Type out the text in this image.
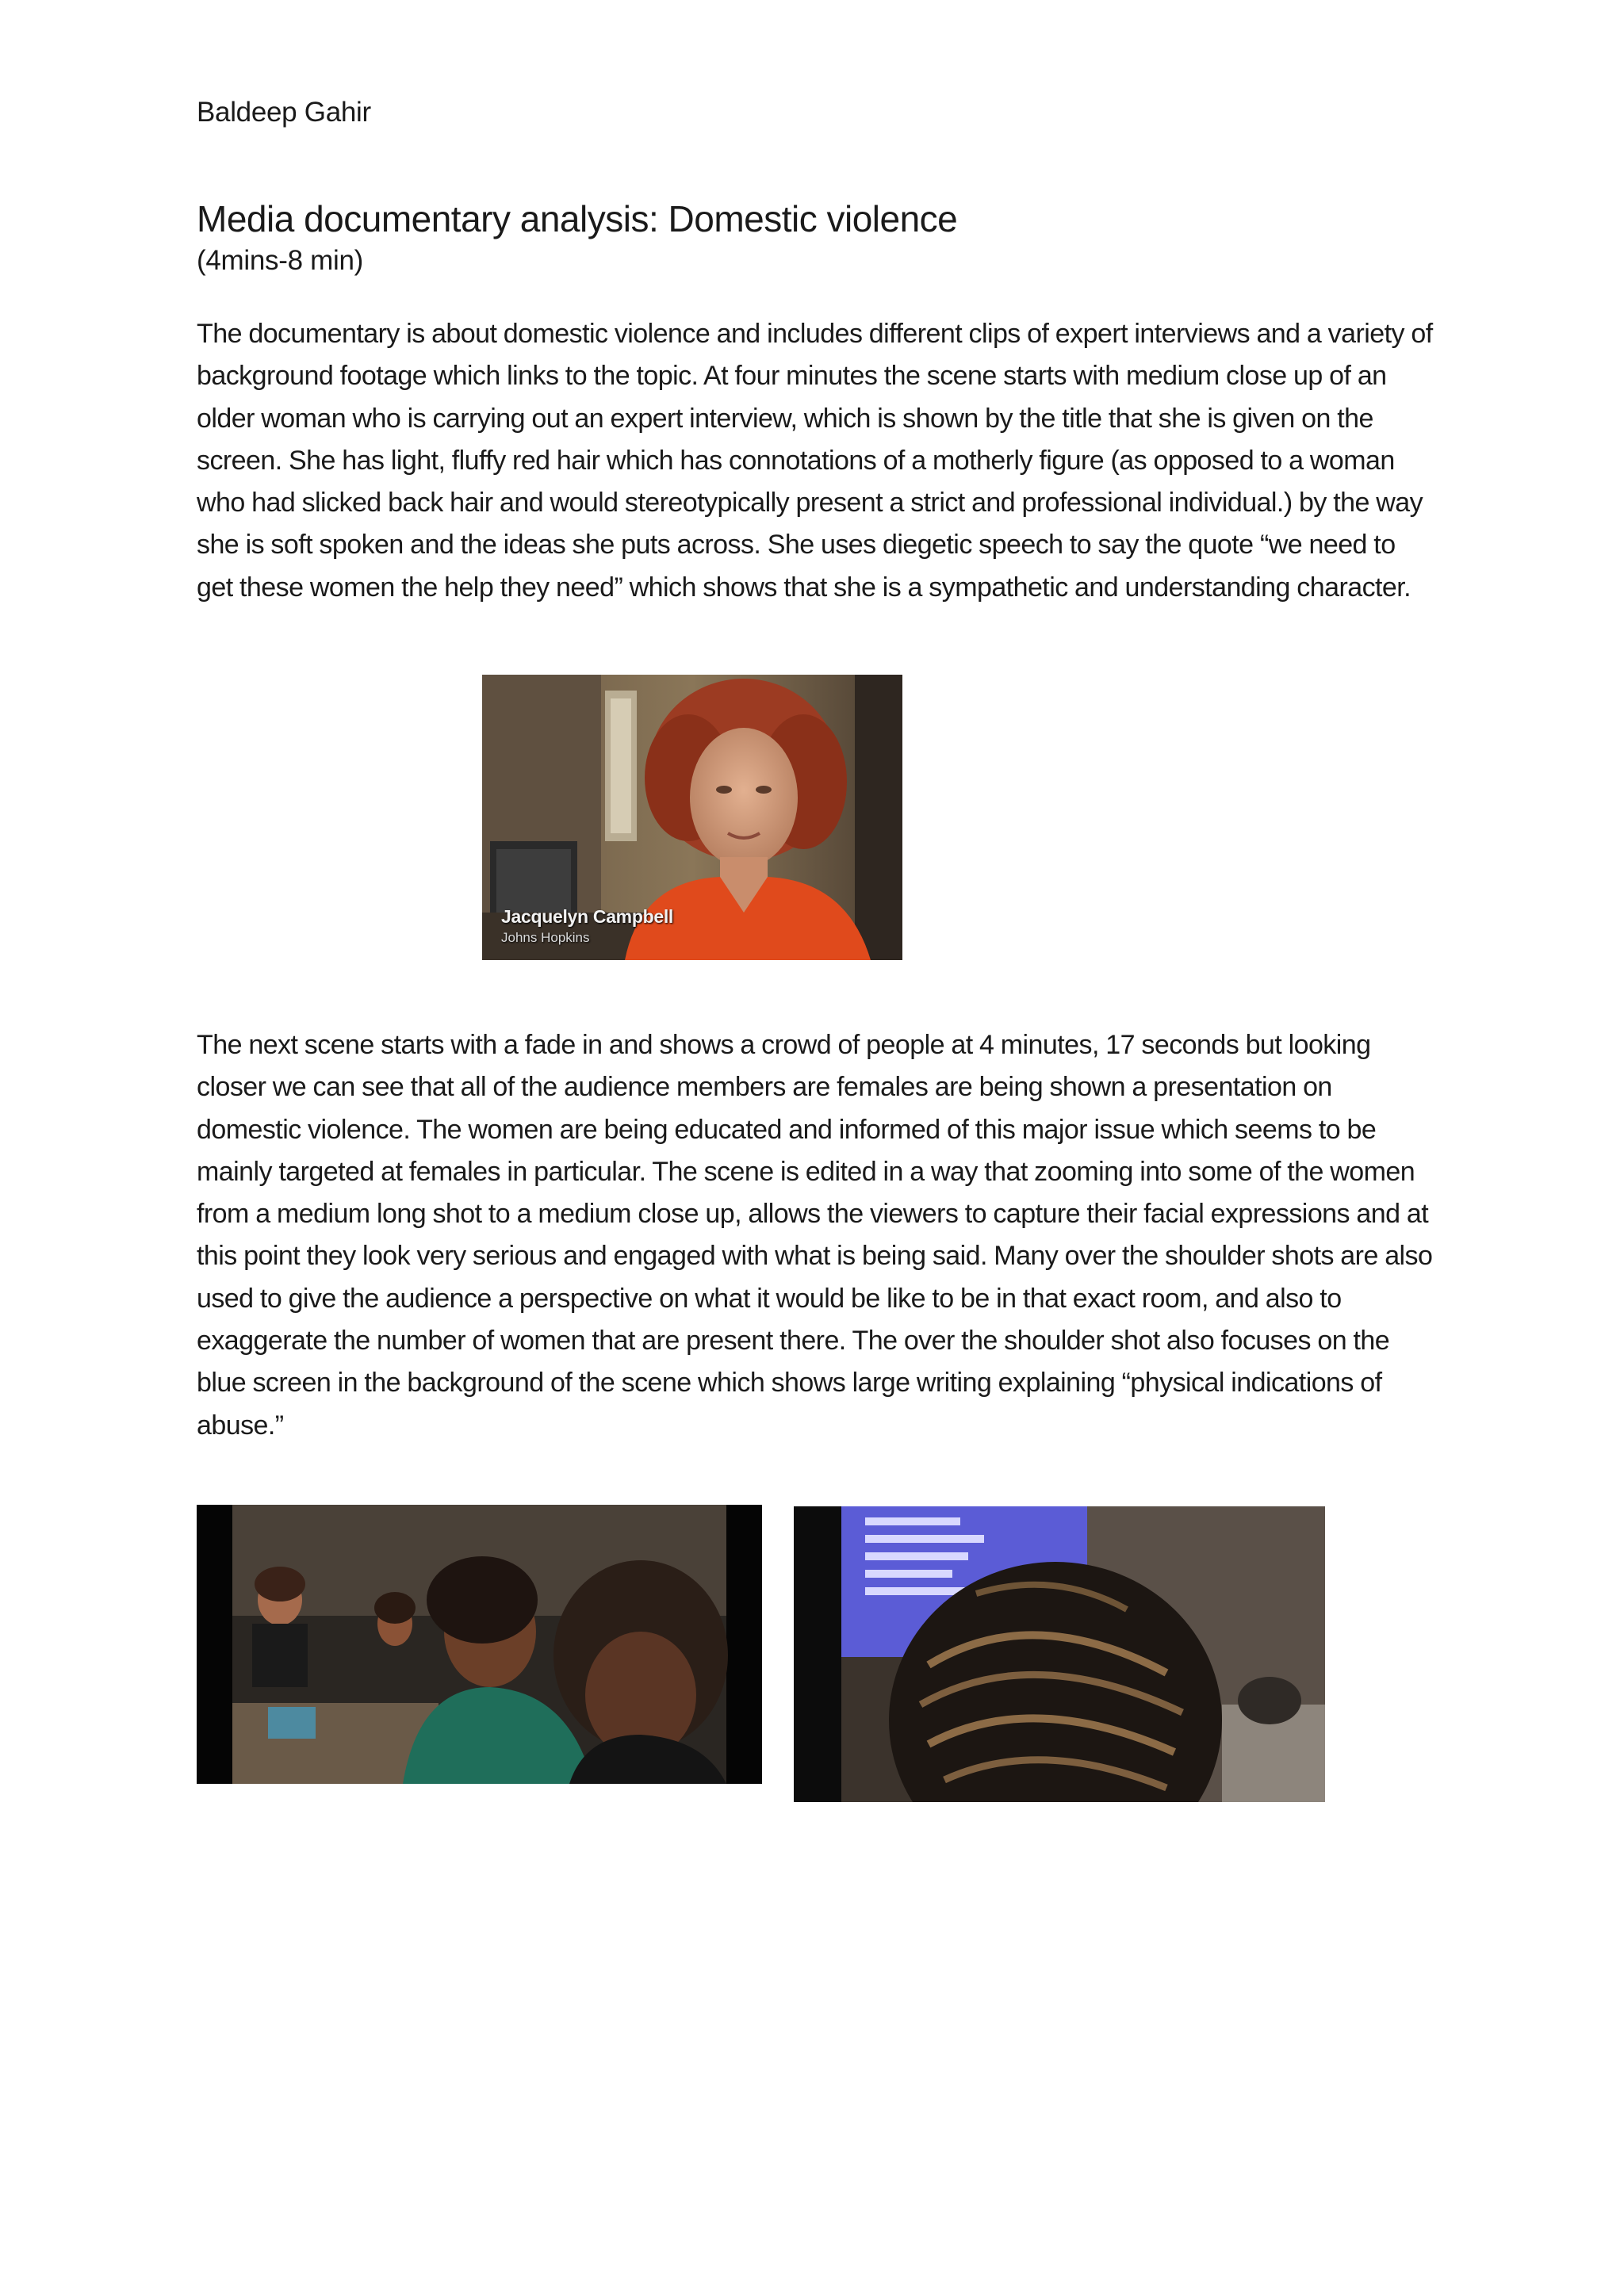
Baldeep Gahir
Media documentary analysis: Domestic violence
(4mins-8 min)

The documentary is about domestic violence and includes different clips of expert interviews and a variety of background footage which links to the topic. At four minutes the scene starts with medium close up of an older woman who is carrying out an expert interview, which is shown by the title that she is given on the screen. She has light, fluffy red hair which has connotations of a motherly figure (as opposed to a woman who had slicked back hair and would stereotypically present a strict and professional individual.) by the way she is soft spoken and the ideas she puts across. She uses diegetic speech to say the quote “we need to get these women the help they need” which shows that she is a sympathetic and understanding character.

Jacquelyn Campbell
Johns Hopkins

The next scene starts with a fade in and shows a crowd of people at 4 minutes, 17 seconds but looking closer we can see that all of the audience members are females are being shown a presentation on domestic violence. The women are being educated and informed of this major issue which seems to be mainly targeted at females in particular. The scene is edited in a way that zooming into some of the women from a medium long shot to a medium close up, allows the viewers to capture their facial expressions and at this point they look very serious and engaged with what is being said. Many over the shoulder shots are also used to give the audience a perspective on what it would be like to be in that exact room, and also to exaggerate the number of women that are present there. The over the shoulder shot also focuses on the blue screen in the background of the scene which shows large writing explaining “physical indications of abuse.”
